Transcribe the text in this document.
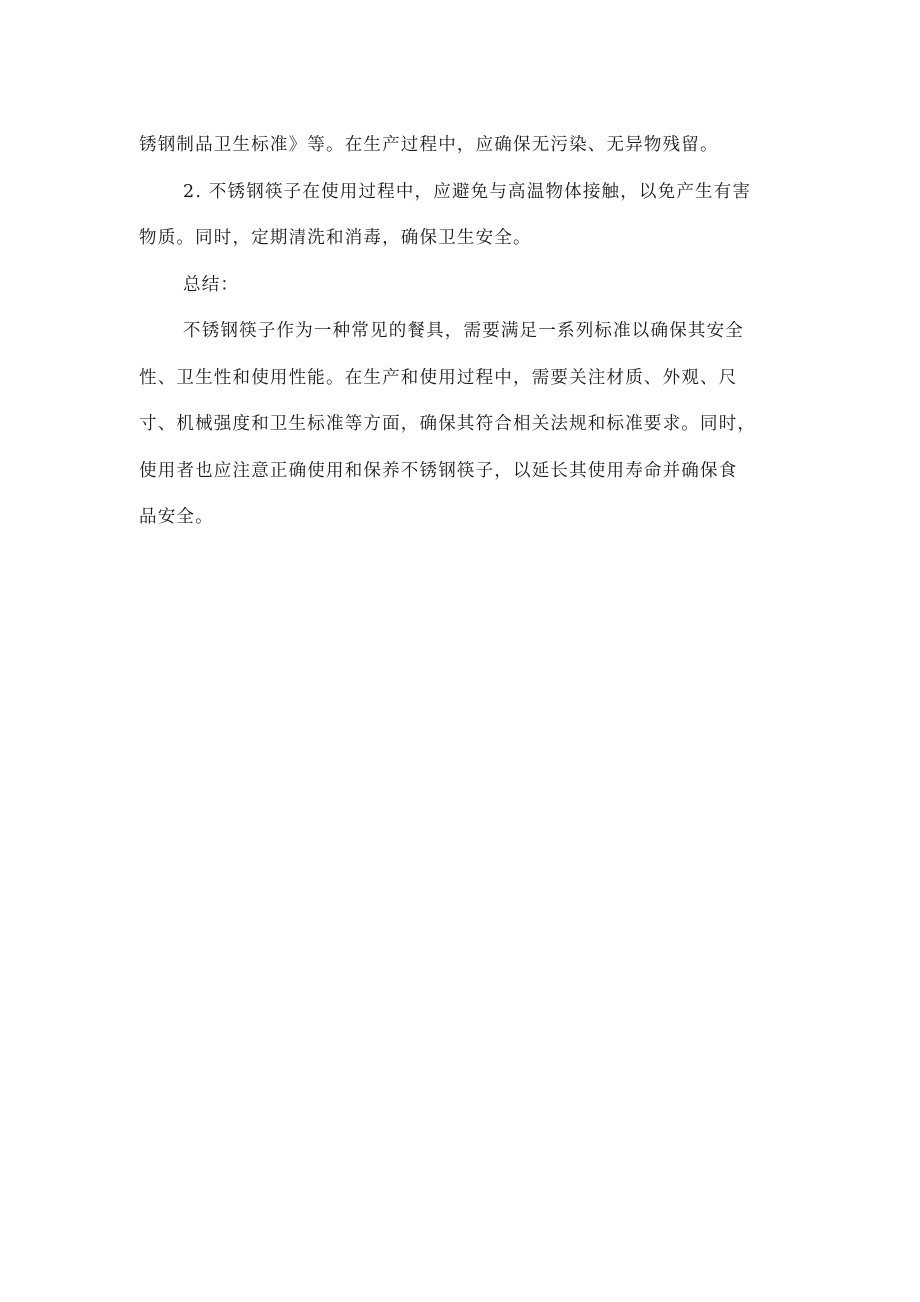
锈钢制品卫生标准》等。在生产过程中，应确保无污染、无异物残留。

2. 不锈钢筷子在使用过程中，应避免与高温物体接触，以免产生有害

物质。同时，定期清洗和消毒，确保卫生安全。

总结：

不锈钢筷子作为一种常见的餐具，需要满足一系列标准以确保其安全

性、卫生性和使用性能。在生产和使用过程中，需要关注材质、外观、尺

寸、机械强度和卫生标准等方面，确保其符合相关法规和标准要求。同时，

使用者也应注意正确使用和保养不锈钢筷子，以延长其使用寿命并确保食

品安全。
